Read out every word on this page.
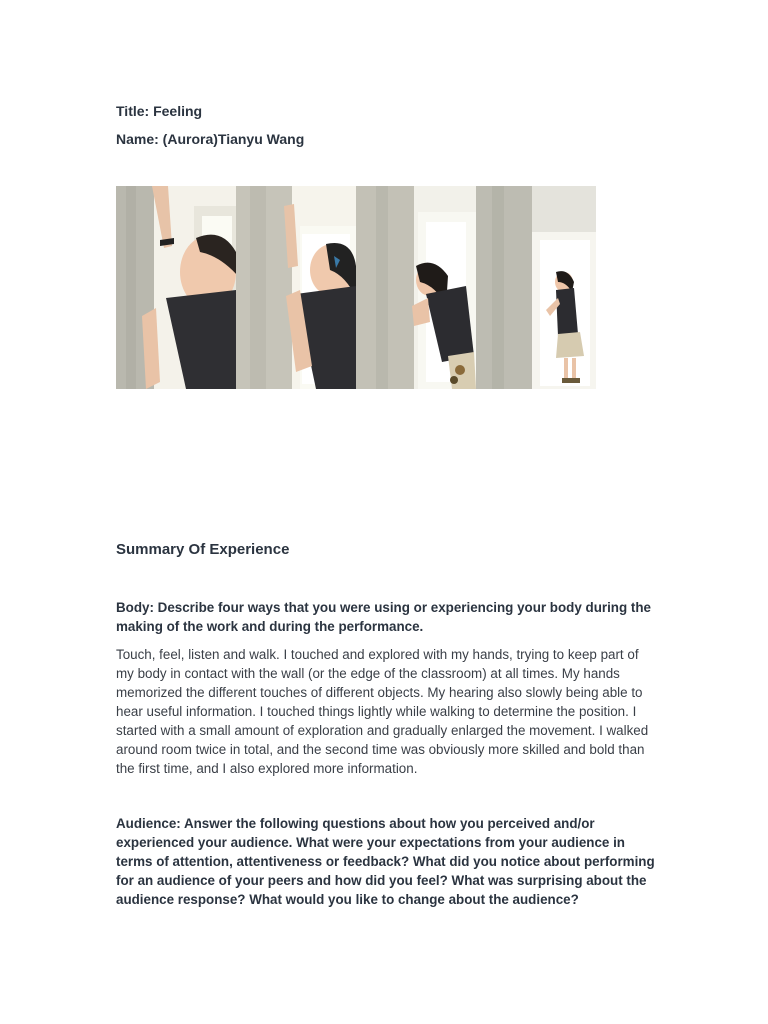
Title: Feeling
Name: (Aurora)Tianyu Wang
Summary Of Experience
Body: Describe four ways that you were using or experiencing your body during the making of the work and during the performance.
Touch, feel, listen and walk. I touched and explored with my hands, trying to keep part of my body in contact with the wall (or the edge of the classroom) at all times. My hands memorized the different touches of different objects. My hearing also slowly being able to hear useful information. I touched things lightly while walking to determine the position. I started with a small amount of exploration and gradually enlarged the movement. I walked around room twice in total, and the second time was obviously more skilled and bold than the first time, and I also explored more information.
Audience: Answer the following questions about how you perceived and/or experienced your audience. What were your expectations from your audience in terms of attention, attentiveness or feedback? What did you notice about performing for an audience of your peers and how did you feel? What was surprising about the audience response? What would you like to change about the audience?
